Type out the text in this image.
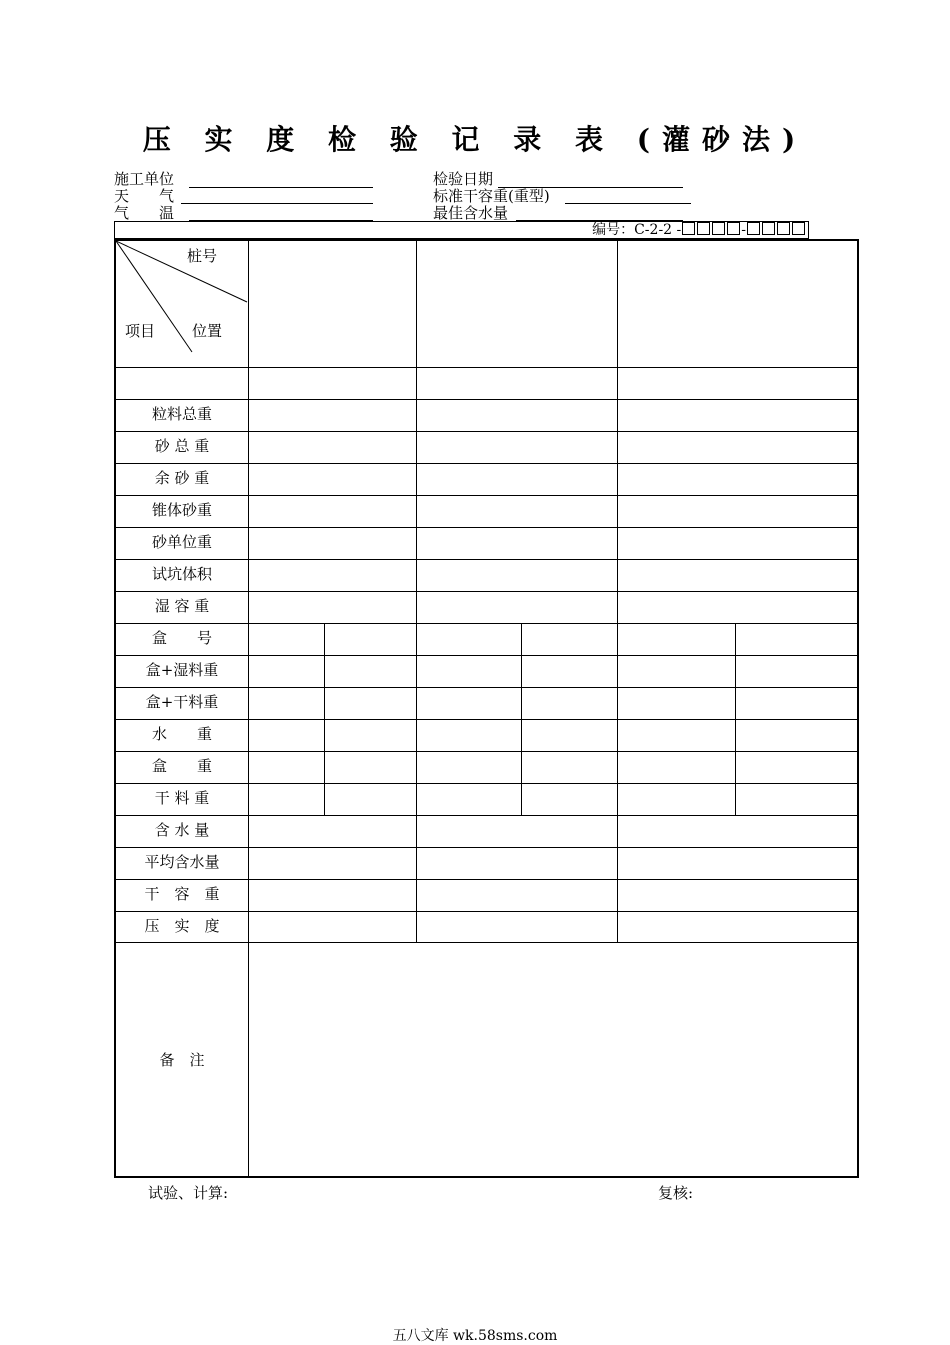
压 实 度 检 验 记 录 表 (灌砂法)
施工单位
天　　气
气　　温
检验日期
标准干容重(重型)
最佳含水量
编号：C-2-2 -	-
桩号
项目 位置
粒料总重
砂 总 重
余 砂 重
锥体砂重
砂单位重
试坑体积
湿 容 重
盒　　号
盒+湿料重
盒+干料重
水　　重
盒　　重
干 料 重
含 水 量
平均含水量
干　容　重
压　实　度
备　注
试验、计算:	复核:
五八文库 wk.58sms.com
